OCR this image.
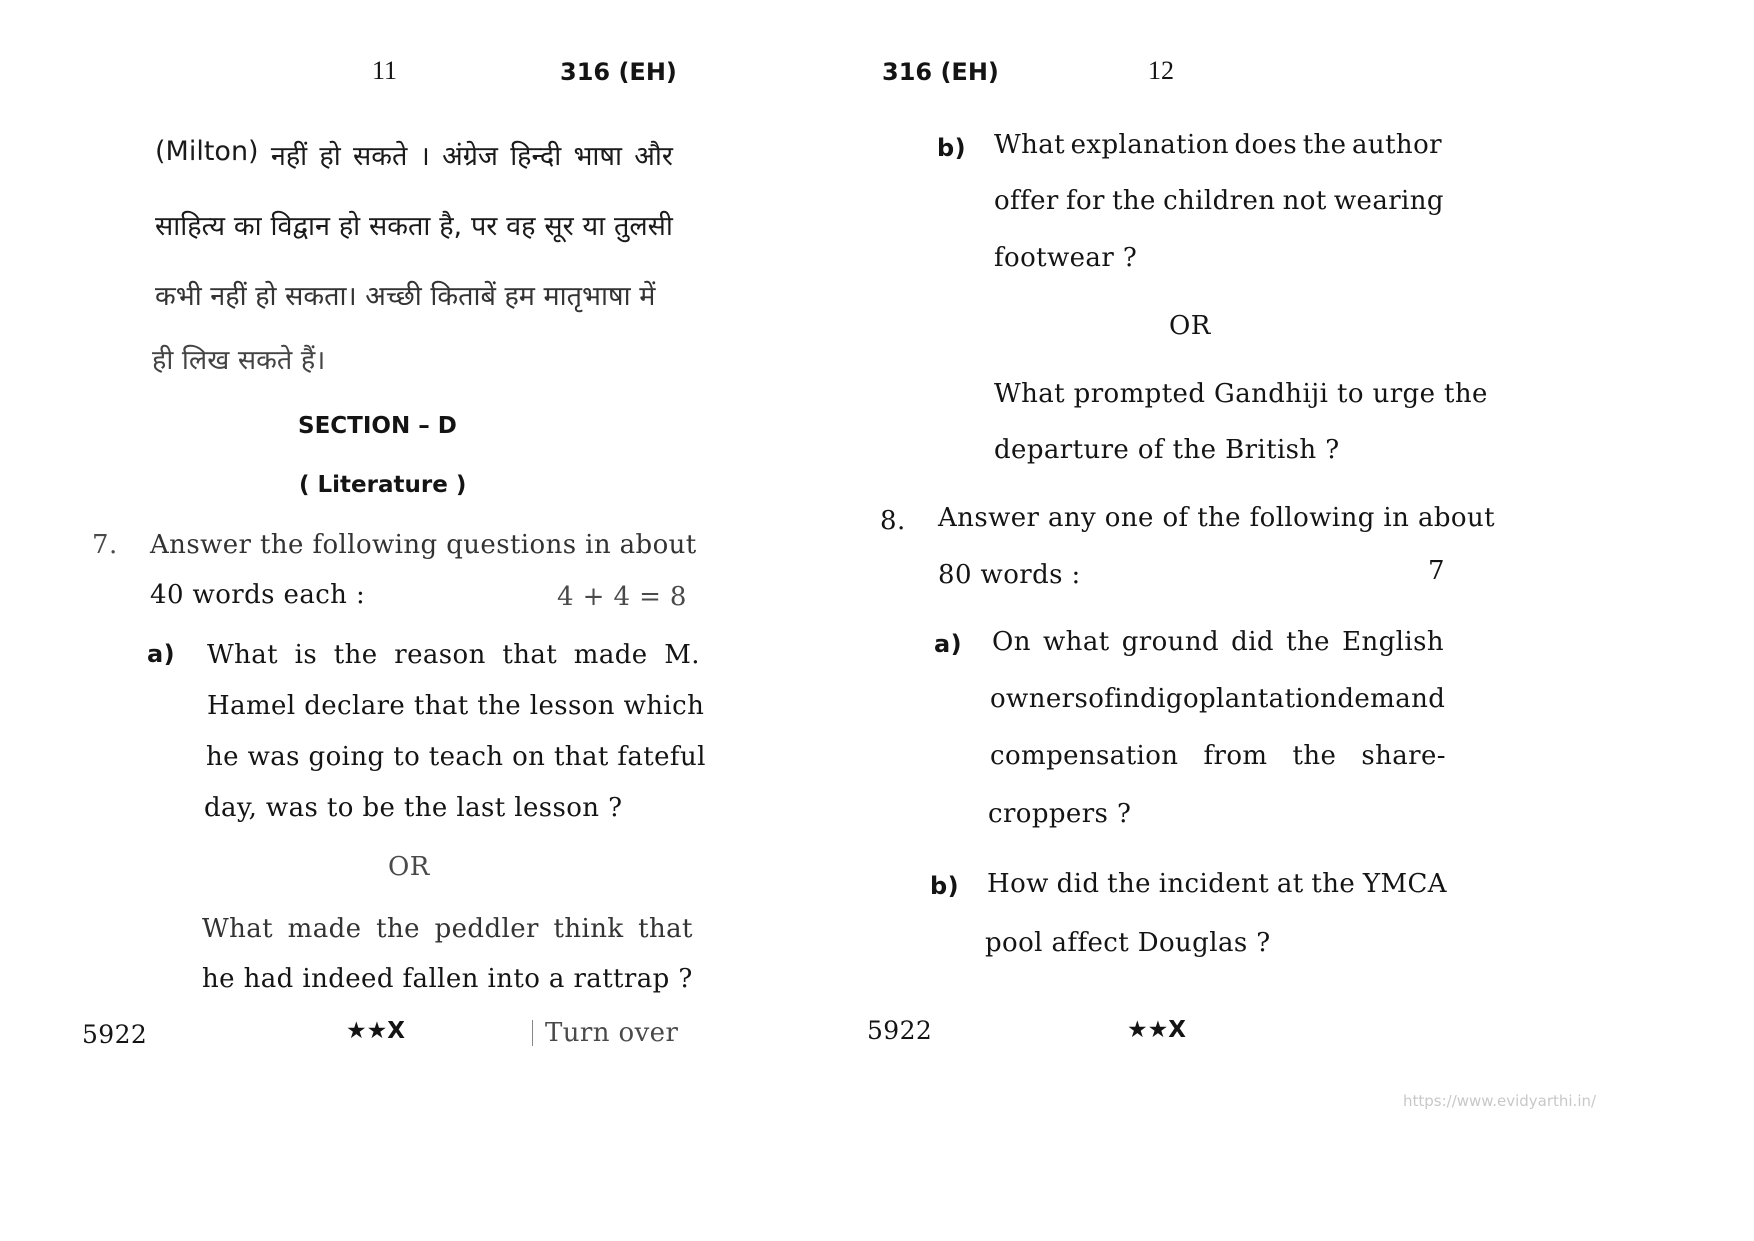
11	316 (EH)
(Milton) नहीं हो सकते । अंग्रेज हिन्दी भाषा और
साहित्य का विद्वान हो सकता है, पर वह सूर या तुलसी
कभी नहीं हो सकता। अच्छी किताबें हम मातृभाषा में
ही लिख सकते हैं।
SECTION – D
( Literature )
7. Answer the following questions in about
40 words each :	4 + 4 = 8
a) What is the reason that made M.
Hamel declare that the lesson which
he was going to teach on that fateful
day, was to be the last lesson ?
OR
What made the peddler think that
he had indeed fallen into a rattrap ?
5922	★★X	Turn over
316 (EH)	12
b) What explanation does the author
offer for the children not wearing
footwear ?
OR
What prompted Gandhiji to urge the
departure of the British ?
8. Answer any one of the following in about
80 words :	7
a) On what ground did the English
owners of indigo plantation demand
compensation from the share-
croppers ?
b) How did the incident at the YMCA
pool affect Douglas ?
5922	★★X
https://www.evidyarthi.in/
